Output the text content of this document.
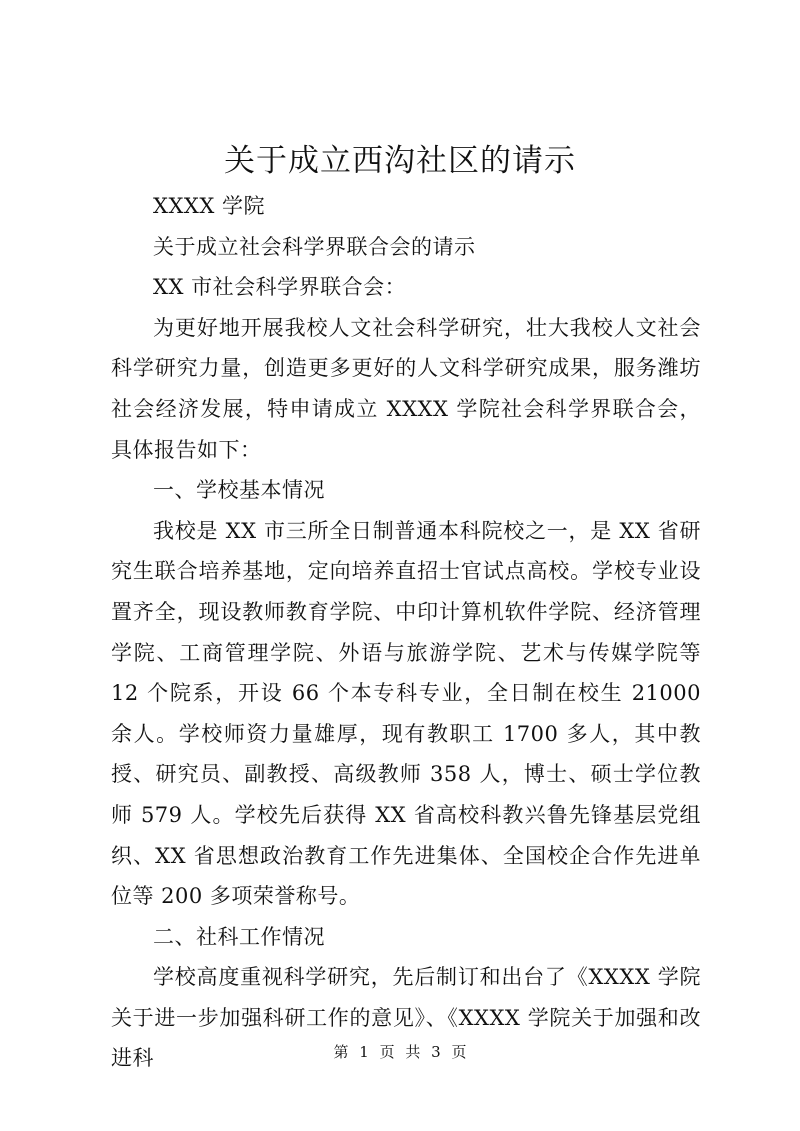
关于成立西沟社区的请示

XXXX 学院

关于成立社会科学界联合会的请示

XX 市社会科学界联合会：

为更好地开展我校人文社会科学研究，壮大我校人文社会科学研究力量，创造更多更好的人文科学研究成果，服务潍坊社会经济发展，特申请成立 XXXX 学院社会科学界联合会，具体报告如下：

一、学校基本情况

我校是 XX 市三所全日制普通本科院校之一，是 XX 省研究生联合培养基地，定向培养直招士官试点高校。学校专业设置齐全，现设教师教育学院、中印计算机软件学院、经济管理学院、工商管理学院、外语与旅游学院、艺术与传媒学院等 12 个院系，开设 66 个本专科专业，全日制在校生 21000 余人。学校师资力量雄厚，现有教职工 1700 多人，其中教授、研究员、副教授、高级教师 358 人，博士、硕士学位教师 579 人。学校先后获得 XX 省高校科教兴鲁先锋基层党组织、XX 省思想政治教育工作先进集体、全国校企合作先进单位等 200 多项荣誉称号。

二、社科工作情况

学校高度重视科学研究，先后制订和出台了《XXXX 学院关于进一步加强科研工作的意见》、《XXXX 学院关于加强和改进科	第 1 页 共 3 页
